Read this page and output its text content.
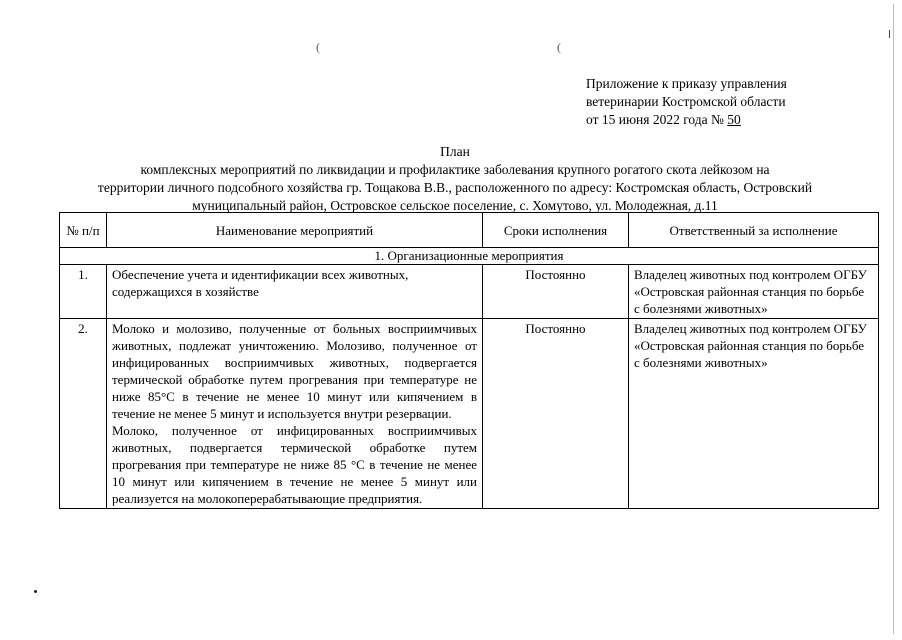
(	(
Приложение к приказу управления
ветеринарии Костромской области
от 15 июня 2022 года № 50
План
комплексных мероприятий по ликвидации и профилактике заболевания крупного рогатого скота лейкозом на
территории личного подсобного хозяйства гр. Тощакова В.В., расположенного по адресу: Костромская область, Островский
муниципальный район, Островское сельское поселение, с. Хомутово, ул. Молодежная, д.11
№ п/п	Наименование мероприятий	Сроки исполнения	Ответственный за исполнение
1. Организационные мероприятия			
1.	Обеспечение учета и идентификации всех животных, содержащихся в хозяйстве	Постоянно	Владелец животных под контролем ОГБУ «Островская районная станция по борьбе с болезнями животных»
2.	Молоко и молозиво, полученные от больных восприимчивых животных, подлежат уничтожению. Молозиво, полученное от инфицированных восприимчивых животных, подвергается термической обработке путем прогревания при температуре не ниже 85°С в течение не менее 10 минут или кипячением в течение не менее 5 минут и используется внутри резервации.
Молоко, полученное от инфицированных восприимчивых животных, подвергается термической обработке путем прогревания при температуре не ниже 85 °С в течение не менее 10 минут или кипячением в течение не менее 5 минут или реализуется на молокоперерабатывающие предприятия.	Постоянно	Владелец животных под контролем ОГБУ «Островская районная станция по борьбе с болезнями животных»
